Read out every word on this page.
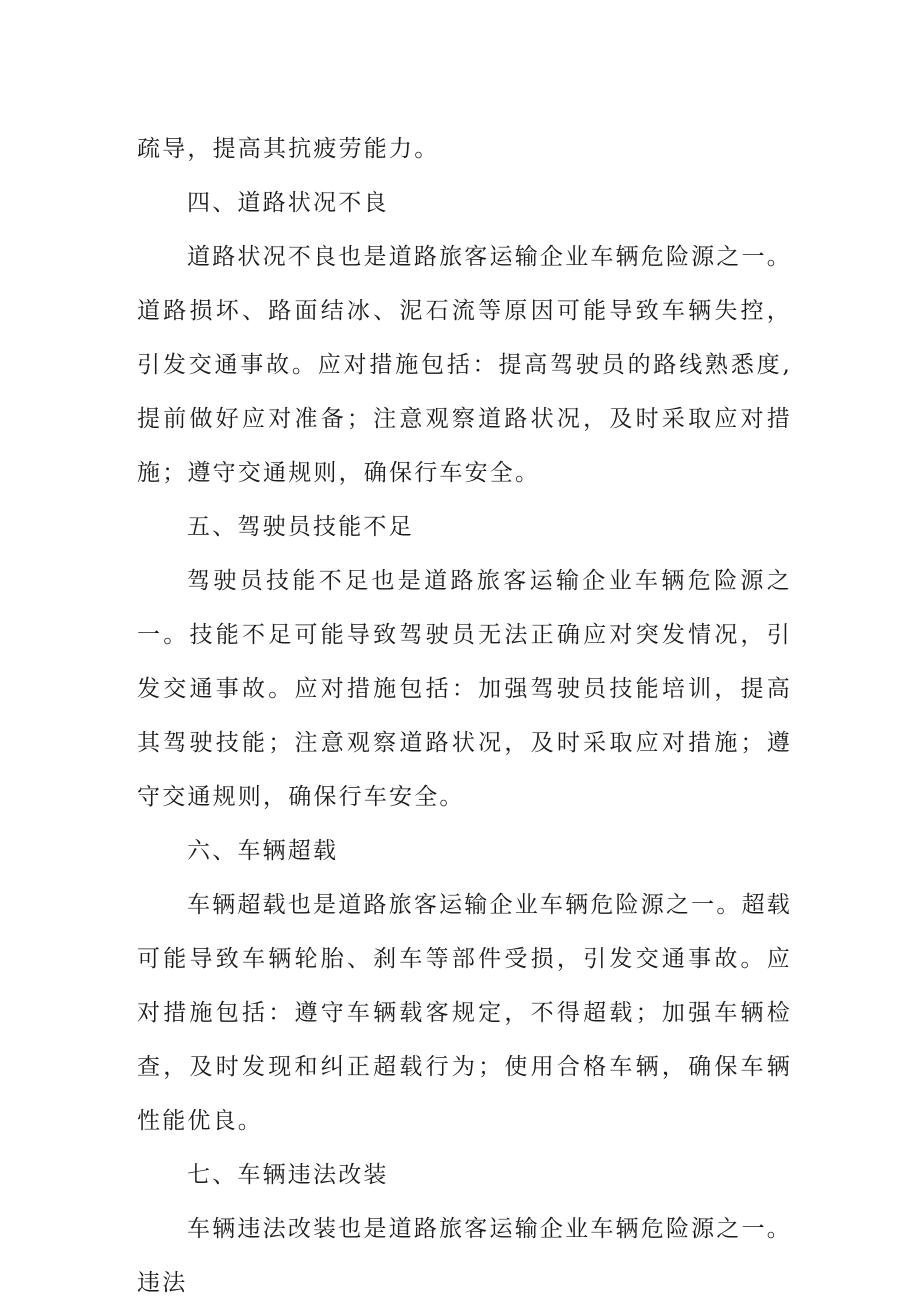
疏导，提高其抗疲劳能力。

四、道路状况不良

道路状况不良也是道路旅客运输企业车辆危险源之一。道路损坏、路面结冰、泥石流等原因可能导致车辆失控，引发交通事故。应对措施包括：提高驾驶员的路线熟悉度,提前做好应对准备；注意观察道路状况，及时采取应对措施；遵守交通规则，确保行车安全。

五、驾驶员技能不足

驾驶员技能不足也是道路旅客运输企业车辆危险源之一。技能不足可能导致驾驶员无法正确应对突发情况，引发交通事故。应对措施包括：加强驾驶员技能培训，提高其驾驶技能；注意观察道路状况，及时采取应对措施；遵守交通规则，确保行车安全。

六、车辆超载

车辆超载也是道路旅客运输企业车辆危险源之一。超载可能导致车辆轮胎、刹车等部件受损，引发交通事故。应对措施包括：遵守车辆载客规定，不得超载；加强车辆检查，及时发现和纠正超载行为；使用合格车辆，确保车辆性能优良。

七、车辆违法改装

车辆违法改装也是道路旅客运输企业车辆危险源之一。违法
